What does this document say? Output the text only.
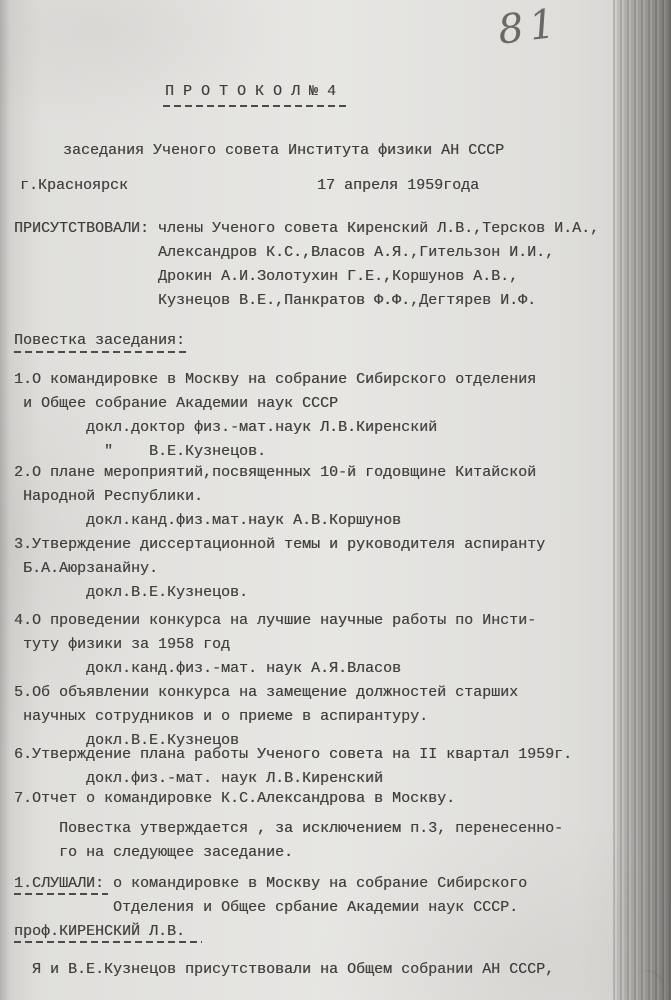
81
П Р О Т О К О Л № 4
заседания Ученого совета Института физики АН СССР
г.Красноярск                     17 апреля 1959года
ПРИСУТСТВОВАЛИ: члены Ученого совета Киренский Л.В.,Терсков И.А.,
Александров К.С.,Власов А.Я.,Гительзон И.И.,
Дрокин А.И.Золотухин Г.Е.,Коршунов А.В.,
Кузнецов В.Е.,Панкратов Ф.Ф.,Дегтярев И.Ф.
Повестка заседания:
1.О командировке в Москву на собрание Сибирского отделения
и Общее собрание Академии наук СССР
докл.доктор физ.-мат.наук Л.В.Киренский
"    В.Е.Кузнецов.
2.О плане мероприятий,посвященных 10-й годовщине Китайской
Народной Республики.
докл.канд.физ.мат.наук А.В.Коршунов
3.Утверждение диссертационной темы и руководителя аспиранту
Б.А.Аюрзанайну.
докл.В.Е.Кузнецов.
4.О проведении конкурса на лучшие научные работы по Инсти-
туту физики за 1958 год
докл.канд.физ.-мат. наук А.Я.Власов
5.Об объявлении конкурса на замещение должностей старших
научных сотрудников и о приеме в аспирантуру.
докл.В.Е.Кузнецов
6.Утверждение плана работы Ученого совета на II квартал 1959г.
докл.физ.-мат. наук Л.В.Киренский
7.Отчет о командировке К.С.Александрова в Москву.
Повестка утверждается , за исключением п.3, перенесенно-
го на следующее заседание.
1.СЛУШАЛИ: о командировке в Москву на собрание Сибирского
Отделения и Общее србание Академии наук СССР.
проф.КИРЕНСКИЙ Л.В.
Я и В.Е.Кузнецов присутствовали на Общем собрании АН СССР,
